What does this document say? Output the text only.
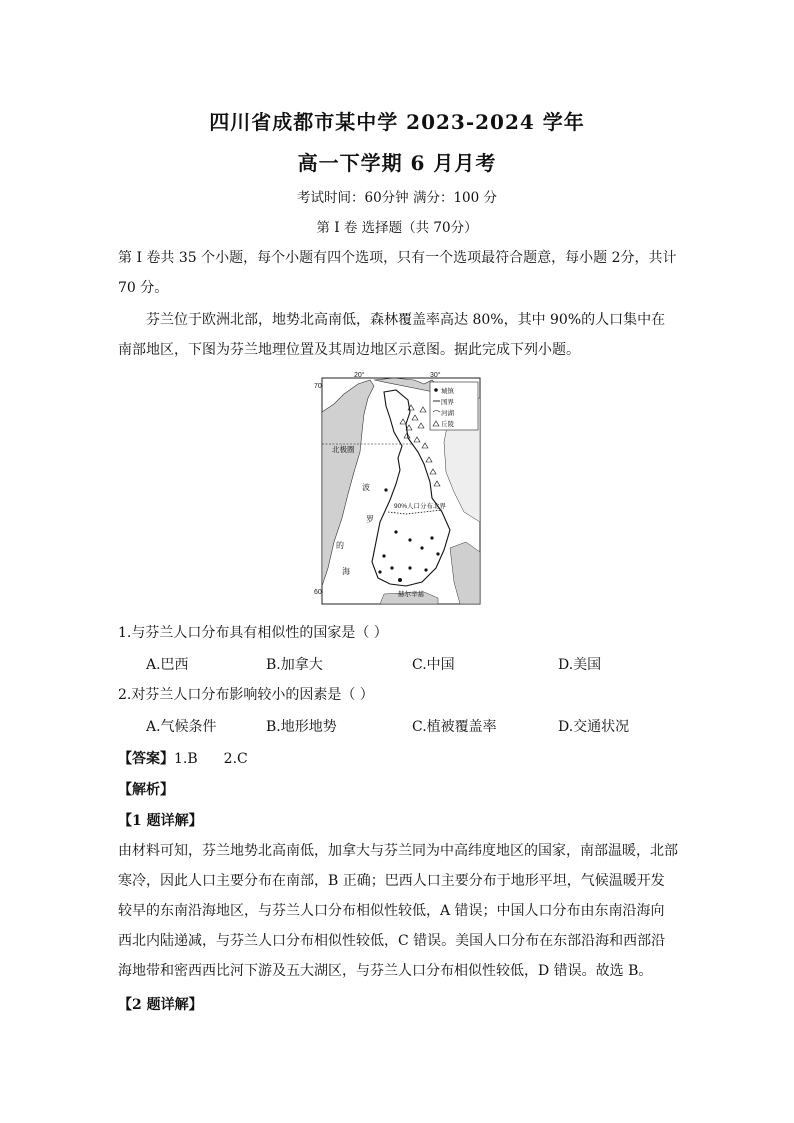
四川省成都市某中学 2023-2024 学年
高一下学期 6 月月考
考试时间：60分钟 满分：100 分
第 I 卷 选择题（共 70分）
第 I 卷共 35 个小题，每个小题有四个选项，只有一个选项最符合题意，每小题 2分，共计 70 分。
芬兰位于欧洲北部，地势北高南低，森林覆盖率高达 80%，其中 90%的人口集中在南部地区，下图为芬兰地理位置及其周边地区示意图。据此完成下列小题。
70
60
20°	30°
北极圈
90%人口分布北界
波
罗
的
海
赫尔辛基
城镇
国界
河湖
丘陵
1.与芬兰人口分布具有相似性的国家是（ ）
A.巴西	B.加拿大	C.中国	D.美国
2.对芬兰人口分布影响较小的因素是（ ）
A.气候条件	B.地形地势	C.植被覆盖率	D.交通状况
【答案】1.B 2.C
【解析】
【1 题详解】
由材料可知，芬兰地势北高南低，加拿大与芬兰同为中高纬度地区的国家，南部温暖，北部寒冷，因此人口主要分布在南部，B 正确；巴西人口主要分布于地形平坦，气候温暖开发较早的东南沿海地区，与芬兰人口分布相似性较低，A 错误；中国人口分布由东南沿海向西北内陆递减，与芬兰人口分布相似性较低，C 错误。美国人口分布在东部沿海和西部沿海地带和密西西比河下游及五大湖区，与芬兰人口分布相似性较低，D 错误。故选 B。
【2 题详解】
